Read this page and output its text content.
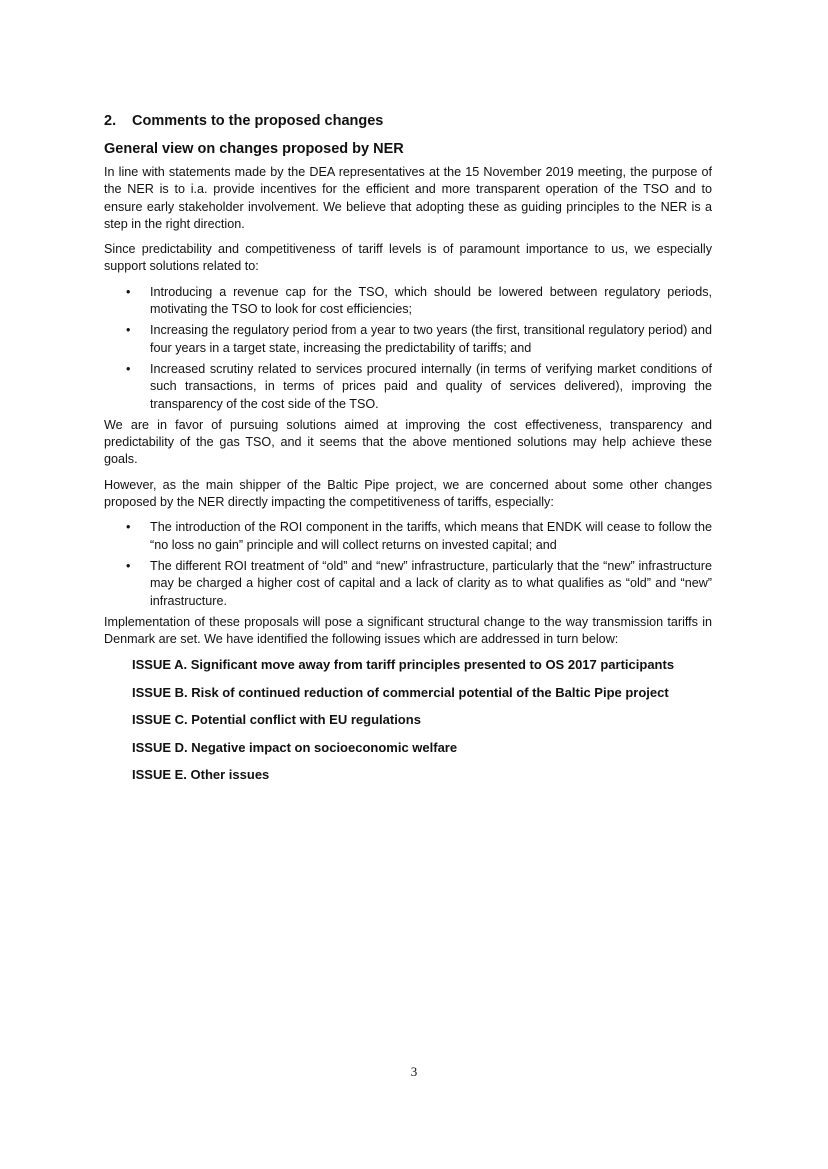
2.	Comments to the proposed changes
General view on changes proposed by NER

In line with statements made by the DEA representatives at the 15 November 2019 meeting, the purpose of the NER is to i.a. provide incentives for the efficient and more transparent operation of the TSO and to ensure early stakeholder involvement. We believe that adopting these as guiding principles to the NER is a step in the right direction.

Since predictability and competitiveness of tariff levels is of paramount importance to us, we especially support solutions related to:

• Introducing a revenue cap for the TSO, which should be lowered between regulatory periods, motivating the TSO to look for cost efficiencies;
• Increasing the regulatory period from a year to two years (the first, transitional regulatory period) and four years in a target state, increasing the predictability of tariffs; and
• Increased scrutiny related to services procured internally (in terms of verifying market conditions of such transactions, in terms of prices paid and quality of services delivered), improving the transparency of the cost side of the TSO.

We are in favor of pursuing solutions aimed at improving the cost effectiveness, transparency and predictability of the gas TSO, and it seems that the above mentioned solutions may help achieve these goals.

However, as the main shipper of the Baltic Pipe project, we are concerned about some other changes proposed by the NER directly impacting the competitiveness of tariffs, especially:

• The introduction of the ROI component in the tariffs, which means that ENDK will cease to follow the “no loss no gain” principle and will collect returns on invested capital; and
• The different ROI treatment of “old” and “new” infrastructure, particularly that the “new” infrastructure may be charged a higher cost of capital and a lack of clarity as to what qualifies as “old” and “new” infrastructure.

Implementation of these proposals will pose a significant structural change to the way transmission tariffs in Denmark are set. We have identified the following issues which are addressed in turn below:

ISSUE A. Significant move away from tariff principles presented to OS 2017 participants
ISSUE B. Risk of continued reduction of commercial potential of the Baltic Pipe project
ISSUE C. Potential conflict with EU regulations
ISSUE D. Negative impact on socioeconomic welfare
ISSUE E. Other issues
3
